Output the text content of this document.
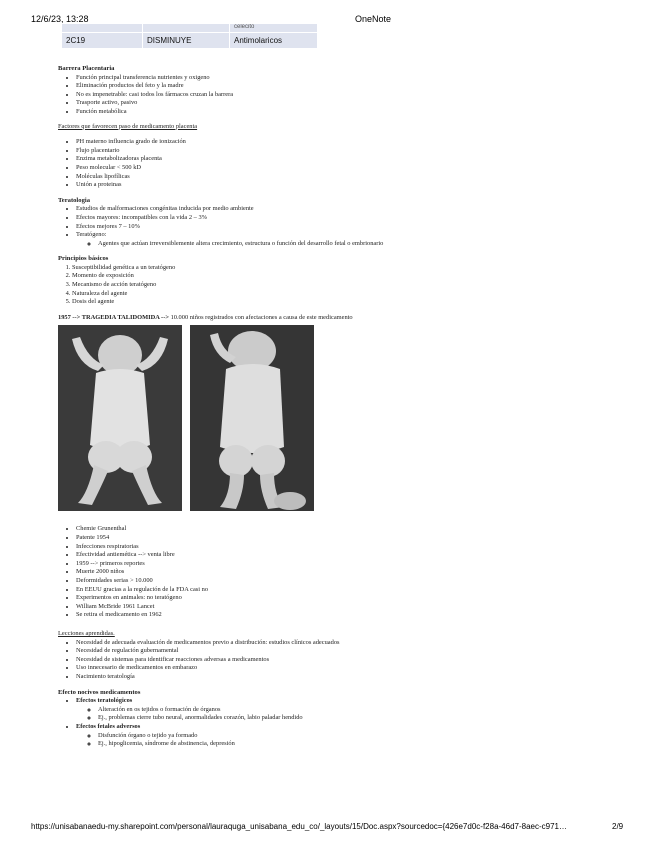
12/6/23, 13:28	OneNote
		celecito
2C19	DISMINUYE	Antimolaricos
Barrera Placentaria
• Función principal transferencia nutrientes y oxigeno
• Eliminación productos del feto y la madre
• No es impenetrable: casi todos los fármacos cruzan la barrera
• Trasporte activo, pasivo
• Función metabólica
Factores que favorecen paso de medicamento placenta
• PH materno influencia grado de ionización
• Flujo placentario
• Enzima metabolizadoras placenta
• Peso molecular < 500 kD
• Moléculas lipofílicas
• Unión a proteinas
Teratologia
• Estudios de malformaciones congénitas inducida por medio ambiente
• Efectos mayores: incompatibles con la vida 2 – 3%
• Efectos mejores 7 – 10%
• Teratógeno:
◦ Agentes que actúan irreversiblemente altera crecimiento, estructura o función del desarrollo fetal o embrionario
Principios básicos
1. Susceptibilidad genética a un teratógeno
2. Momento de exposición
3. Mecanismo de acción teratógeno
4. Naturaleza del agente
5. Dosis del agente
1957 --> TRAGEDIA TALIDOMIDA --> 10.000 niños registrados con afectaciones a causa de este medicamento
• Chemie Grunenthal
• Patente 1954
• Infecciones respiratorias
• Efectividad antiemética --> venta libre
• 1959 --> primeros reportes
• Muerte 2000 niños
• Deformidades serias > 10.000
• En EEUU gracias a la regulación de la FDA casi no
• Experimentos en animales: no teratógeno
• William McBride 1961 Lancet
• Se retira el medicamento en 1962
Lecciones aprendidas.
• Necesidad de adecuada evaluación de medicamentos previo a distribución: estudios clínicos adecuados
• Necesidad de regulación gubernamental
• Necesidad de sistemas para identificar reacciones adversas a medicamentos
• Uso innecesario de medicamentos en embarazo
• Nacimiento teratología
Efecto nocivos medicamentos
• Efectos teratológicos
◦ Alteración en os tejidos o formación de órganos
◦ Ej., problemas cierre tubo neural, anormalidades corazón, labio paladar hendido
• Efectos fetales adversos
◦ Disfunción órgano o tejido ya formado
◦ Ej., hipoglicemia, síndrome de abstinencia, depresión
https://unisabanaedu-my.sharepoint.com/personal/lauraquga_unisabana_edu_co/_layouts/15/Doc.aspx?sourcedoc={426e7d0c-f28a-46d7-8aec-c971…	2/9
